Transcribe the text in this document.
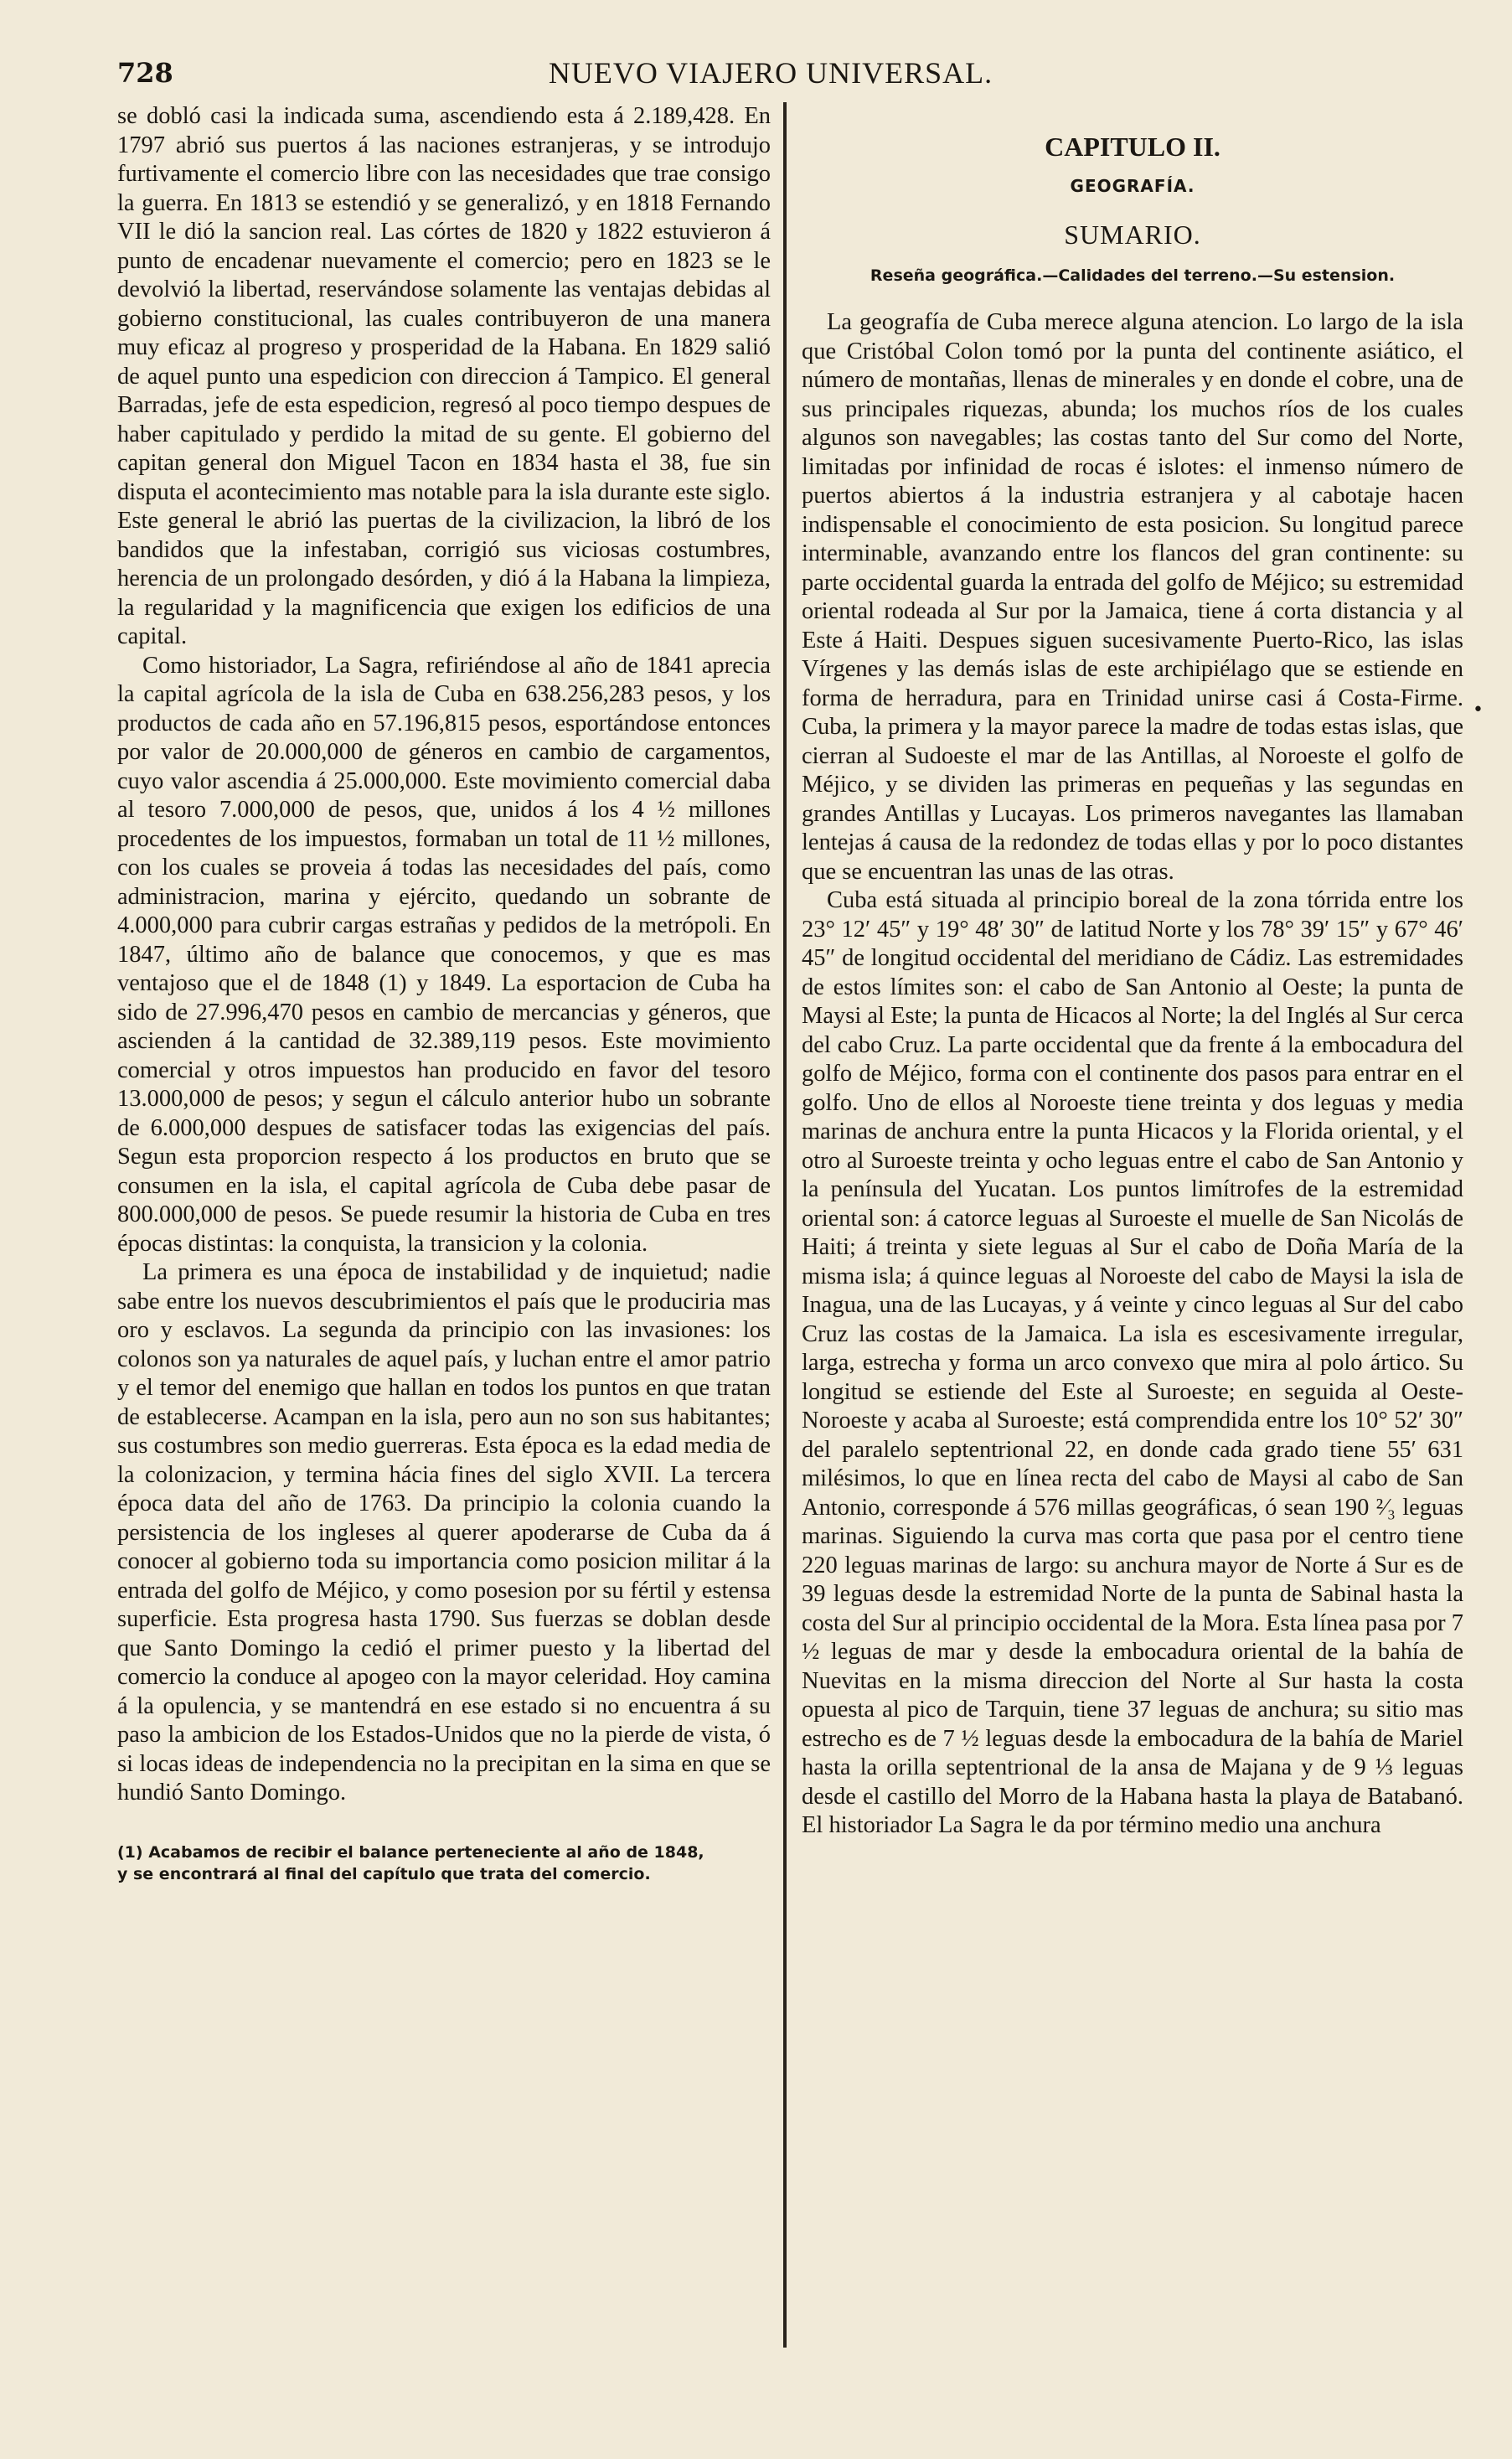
728	NUEVO VIAJERO UNIVERSAL.

se dobló casi la indicada suma, ascendiendo esta á 2.189,428. En 1797 abrió sus puertos á las naciones estranjeras, y se introdujo furtivamente el comercio libre con las necesidades que trae consigo la guerra. En 1813 se estendió y se generalizó, y en 1818 Fernando VII le dió la sancion real. Las córtes de 1820 y 1822 estuvieron á punto de encadenar nuevamente el comercio; pero en 1823 se le devolvió la libertad, reservándose solamente las ventajas debidas al gobierno constitucional, las cuales contribuyeron de una manera muy eficaz al progreso y prosperidad de la Habana. En 1829 salió de aquel punto una espedicion con direccion á Tampico. El general Barradas, jefe de esta espedicion, regresó al poco tiempo despues de haber capitulado y perdido la mitad de su gente. El gobierno del capitan general don Miguel Tacon en 1834 hasta el 38, fue sin disputa el acontecimiento mas notable para la isla durante este siglo. Este general le abrió las puertas de la civilizacion, la libró de los bandidos que la infestaban, corrigió sus viciosas costumbres, herencia de un prolongado desórden, y dió á la Habana la limpieza, la regularidad y la magnificencia que exigen los edificios de una capital.

Como historiador, La Sagra, refiriéndose al año de 1841 aprecia la capital agrícola de la isla de Cuba en 638.256,283 pesos, y los productos de cada año en 57.196,815 pesos, esportándose entonces por valor de 20.000,000 de géneros en cambio de cargamentos, cuyo valor ascendia á 25.000,000. Este movimiento comercial daba al tesoro 7.000,000 de pesos, que, unidos á los 4 ½ millones procedentes de los impuestos, formaban un total de 11 ½ millones, con los cuales se proveia á todas las necesidades del país, como administracion, marina y ejército, quedando un sobrante de 4.000,000 para cubrir cargas estrañas y pedidos de la metrópoli. En 1847, último año de balance que conocemos, y que es mas ventajoso que el de 1848 (1) y 1849. La esportacion de Cuba ha sido de 27.996,470 pesos en cambio de mercancias y géneros, que ascienden á la cantidad de 32.389,119 pesos. Este movimiento comercial y otros impuestos han producido en favor del tesoro 13.000,000 de pesos; y segun el cálculo anterior hubo un sobrante de 6.000,000 despues de satisfacer todas las exigencias del país. Segun esta proporcion respecto á los productos en bruto que se consumen en la isla, el capital agrícola de Cuba debe pasar de 800.000,000 de pesos. Se puede resumir la historia de Cuba en tres épocas distintas: la conquista, la transicion y la colonia.

La primera es una época de instabilidad y de inquietud; nadie sabe entre los nuevos descubrimientos el país que le produciria mas oro y esclavos. La segunda da principio con las invasiones: los colonos son ya naturales de aquel país, y luchan entre el amor patrio y el temor del enemigo que hallan en todos los puntos en que tratan de establecerse. Acampan en la isla, pero aun no son sus habitantes; sus costumbres son medio guerreras. Esta época es la edad media de la colonizacion, y termina hácia fines del siglo XVII. La tercera época data del año de 1763. Da principio la colonia cuando la persistencia de los ingleses al querer apoderarse de Cuba da á conocer al gobierno toda su importancia como posicion militar á la entrada del golfo de Méjico, y como posesion por su fértil y estensa superficie. Esta progresa hasta 1790. Sus fuerzas se doblan desde que Santo Domingo la cedió el primer puesto y la libertad del comercio la conduce al apogeo con la mayor celeridad. Hoy camina á la opulencia, y se mantendrá en ese estado si no encuentra á su paso la ambicion de los Estados-Unidos que no la pierde de vista, ó si locas ideas de independencia no la precipitan en la sima en que se hundió Santo Domingo.

(1) Acabamos de recibir el balance perteneciente al año de 1848,
y se encontrará al final del capítulo que trata del comercio.
CAPITULO II.
GEOGRAFÍA.
SUMARIO.
Reseña geográfica.—Calidades del terreno.—Su estension.

La geografía de Cuba merece alguna atencion. Lo largo de la isla que Cristóbal Colon tomó por la punta del continente asiático, el número de montañas, llenas de minerales y en donde el cobre, una de sus principales riquezas, abunda; los muchos ríos de los cuales algunos son navegables; las costas tanto del Sur como del Norte, limitadas por infinidad de rocas é islotes: el inmenso número de puertos abiertos á la industria estranjera y al cabotaje hacen indispensable el conocimiento de esta posicion. Su longitud parece interminable, avanzando entre los flancos del gran continente: su parte occidental guarda la entrada del golfo de Méjico; su estremidad oriental rodeada al Sur por la Jamaica, tiene á corta distancia y al Este á Haiti. Despues siguen sucesivamente Puerto-Rico, las islas Vírgenes y las demás islas de este archipiélago que se estiende en forma de herradura, para en Trinidad unirse casi á Costa-Firme. Cuba, la primera y la mayor parece la madre de todas estas islas, que cierran al Sudoeste el mar de las Antillas, al Noroeste el golfo de Méjico, y se dividen las primeras en pequeñas y las segundas en grandes Antillas y Lucayas. Los primeros navegantes las llamaban lentejas á causa de la redondez de todas ellas y por lo poco distantes que se encuentran las unas de las otras.

Cuba está situada al principio boreal de la zona tórrida entre los 23° 12′ 45″ y 19° 48′ 30″ de latitud Norte y los 78° 39′ 15″ y 67° 46′ 45″ de longitud occidental del meridiano de Cádiz. Las estremidades de estos límites son: el cabo de San Antonio al Oeste; la punta de Maysi al Este; la punta de Hicacos al Norte; la del Inglés al Sur cerca del cabo Cruz. La parte occidental que da frente á la embocadura del golfo de Méjico, forma con el continente dos pasos para entrar en el golfo. Uno de ellos al Noroeste tiene treinta y dos leguas y media marinas de anchura entre la punta Hicacos y la Florida oriental, y el otro al Suroeste treinta y ocho leguas entre el cabo de San Antonio y la península del Yucatan. Los puntos limítrofes de la estremidad oriental son: á catorce leguas al Suroeste el muelle de San Nicolás de Haiti; á treinta y siete leguas al Sur el cabo de Doña María de la misma isla; á quince leguas al Noroeste del cabo de Maysi la isla de Inagua, una de las Lucayas, y á veinte y cinco leguas al Sur del cabo Cruz las costas de la Jamaica. La isla es escesivamente irregular, larga, estrecha y forma un arco convexo que mira al polo ártico. Su longitud se estiende del Este al Suroeste; en seguida al Oeste-Noroeste y acaba al Suroeste; está comprendida entre los 10° 52′ 30″ del paralelo septentrional 22, en donde cada grado tiene 55′ 631 milésimos, lo que en línea recta del cabo de Maysi al cabo de San Antonio, corresponde á 576 millas geográficas, ó sean 190 ²⁄₃ leguas marinas. Siguiendo la curva mas corta que pasa por el centro tiene 220 leguas marinas de largo: su anchura mayor de Norte á Sur es de 39 leguas desde la estremidad Norte de la punta de Sabinal hasta la costa del Sur al principio occidental de la Mora. Esta línea pasa por 7 ½ leguas de mar y desde la embocadura oriental de la bahía de Nuevitas en la misma direccion del Norte al Sur hasta la costa opuesta al pico de Tarquin, tiene 37 leguas de anchura; su sitio mas estrecho es de 7 ½ leguas desde la embocadura de la bahía de Mariel hasta la orilla septentrional de la ansa de Majana y de 9 ⅓ leguas desde el castillo del Morro de la Habana hasta la playa de Batabanó. El historiador La Sagra le da por término medio una anchura

•
